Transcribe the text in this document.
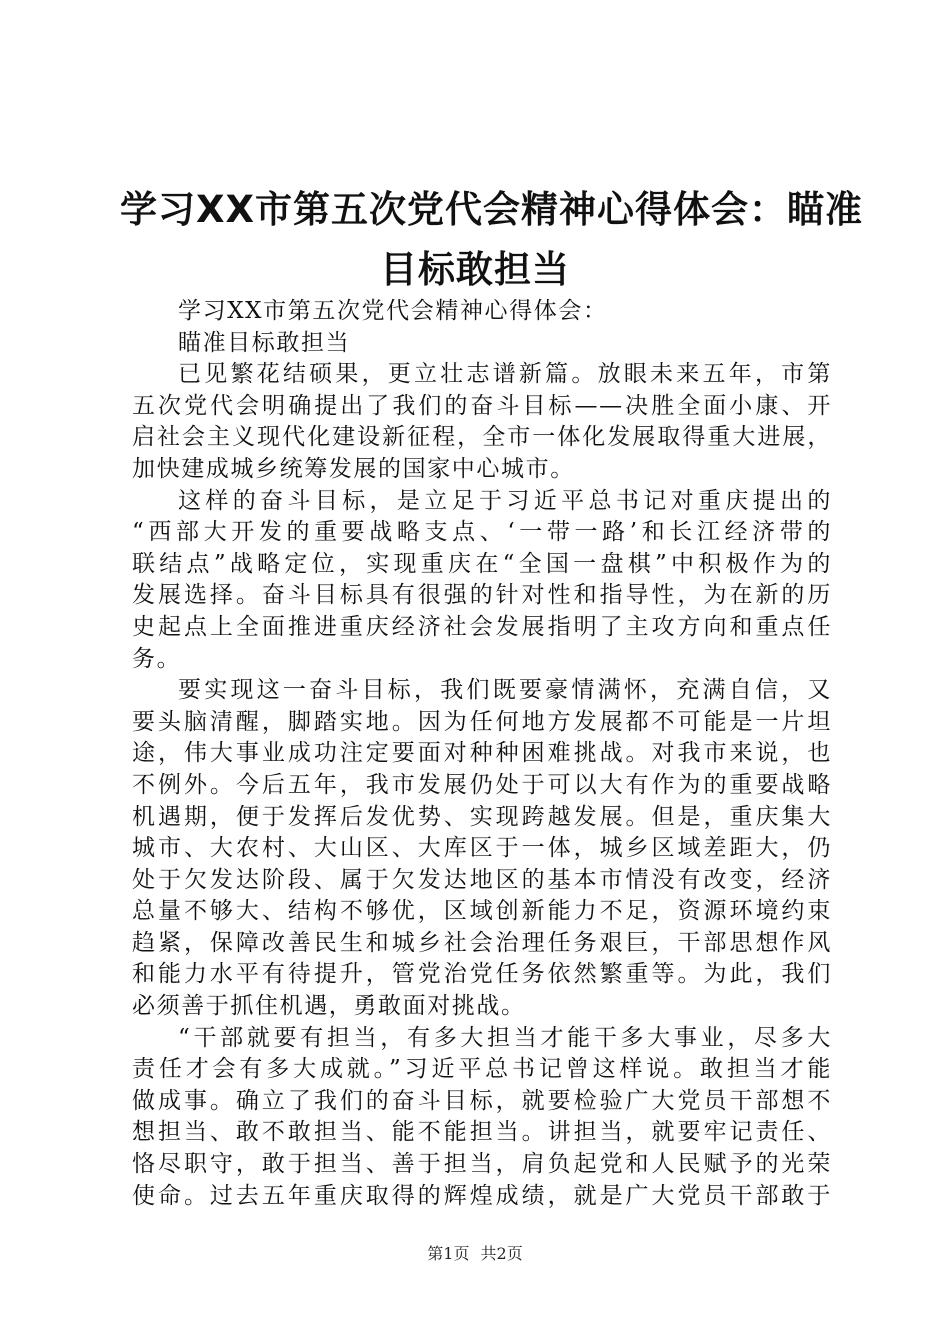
学习XX市第五次党代会精神心得体会：瞄准
目标敢担当
学习XX市第五次党代会精神心得体会：
瞄准目标敢担当
已见繁花结硕果，更立壮志谱新篇。放眼未来五年，市第
五次党代会明确提出了我们的奋斗目标——决胜全面小康、开
启社会主义现代化建设新征程，全市一体化发展取得重大进展，
加快建成城乡统筹发展的国家中心城市。
这样的奋斗目标，是立足于习近平总书记对重庆提出的
“西部大开发的重要战略支点、‘一带一路’和长江经济带的
联结点”战略定位，实现重庆在“全国一盘棋”中积极作为的
发展选择。奋斗目标具有很强的针对性和指导性，为在新的历
史起点上全面推进重庆经济社会发展指明了主攻方向和重点任
务。
要实现这一奋斗目标，我们既要豪情满怀，充满自信，又
要头脑清醒，脚踏实地。因为任何地方发展都不可能是一片坦
途，伟大事业成功注定要面对种种困难挑战。对我市来说，也
不例外。今后五年，我市发展仍处于可以大有作为的重要战略
机遇期，便于发挥后发优势、实现跨越发展。但是，重庆集大
城市、大农村、大山区、大库区于一体，城乡区域差距大，仍
处于欠发达阶段、属于欠发达地区的基本市情没有改变，经济
总量不够大、结构不够优，区域创新能力不足，资源环境约束
趋紧，保障改善民生和城乡社会治理任务艰巨，干部思想作风
和能力水平有待提升，管党治党任务依然繁重等。为此，我们
必须善于抓住机遇，勇敢面对挑战。
“干部就要有担当，有多大担当才能干多大事业，尽多大
责任才会有多大成就。”习近平总书记曾这样说。敢担当才能
做成事。确立了我们的奋斗目标，就要检验广大党员干部想不
想担当、敢不敢担当、能不能担当。讲担当，就要牢记责任、
恪尽职守，敢于担当、善于担当，肩负起党和人民赋予的光荣
使命。过去五年重庆取得的辉煌成绩，就是广大党员干部敢于
第1页 共2页
